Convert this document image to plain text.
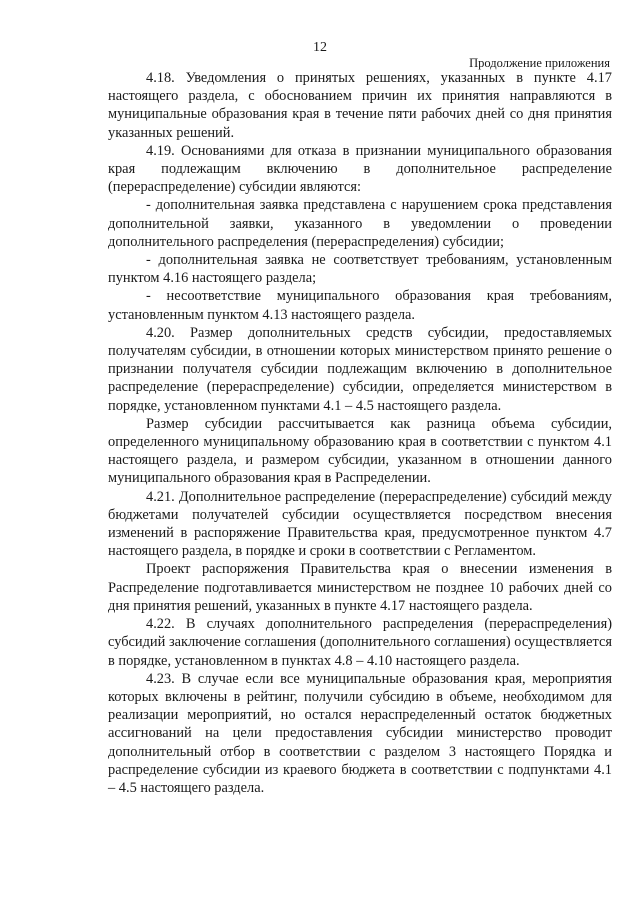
12
Продолжение приложения

4.18. Уведомления о принятых решениях, указанных в пункте 4.17 настоящего раздела, с обоснованием причин их принятия направляются в муниципальные образования края в течение пяти рабочих дней со дня принятия указанных решений.

4.19. Основаниями для отказа в признании муниципального образования края подлежащим включению в дополнительное распределение (перераспределение) субсидии являются:

- дополнительная заявка представлена с нарушением срока представления дополнительной заявки, указанного в уведомлении о проведении дополнительного распределения (перераспределения) субсидии;

- дополнительная заявка не соответствует требованиям, установленным пунктом 4.16 настоящего раздела;

- несоответствие муниципального образования края требованиям, установленным пунктом 4.13 настоящего раздела.

4.20. Размер дополнительных средств субсидии, предоставляемых получателям субсидии, в отношении которых министерством принято решение о признании получателя субсидии подлежащим включению в дополнительное распределение (перераспределение) субсидии, определяется министерством в порядке, установленном пунктами 4.1 – 4.5 настоящего раздела.

Размер субсидии рассчитывается как разница объема субсидии, определенного муниципальному образованию края в соответствии с пунктом 4.1 настоящего раздела, и размером субсидии, указанном в отношении данного муниципального образования края в Распределении.

4.21. Дополнительное распределение (перераспределение) субсидий между бюджетами получателей субсидии осуществляется посредством внесения изменений в распоряжение Правительства края, предусмотренное пунктом 4.7 настоящего раздела, в порядке и сроки в соответствии с Регламентом.

Проект распоряжения Правительства края о внесении изменения в Распределение подготавливается министерством не позднее 10 рабочих дней со дня принятия решений, указанных в пункте 4.17 настоящего раздела.

4.22. В случаях дополнительного распределения (перераспределения) субсидий заключение соглашения (дополнительного соглашения) осуществляется в порядке, установленном в пунктах 4.8 – 4.10 настоящего раздела.

4.23. В случае если все муниципальные образования края, мероприятия которых включены в рейтинг, получили субсидию в объеме, необходимом для реализации мероприятий, но остался нераспределенный остаток бюджетных ассигнований на цели предоставления субсидии министерство проводит дополнительный отбор в соответствии с разделом 3 настоящего Порядка и распределение субсидии из краевого бюджета в соответствии с подпунктами 4.1 – 4.5 настоящего раздела.
